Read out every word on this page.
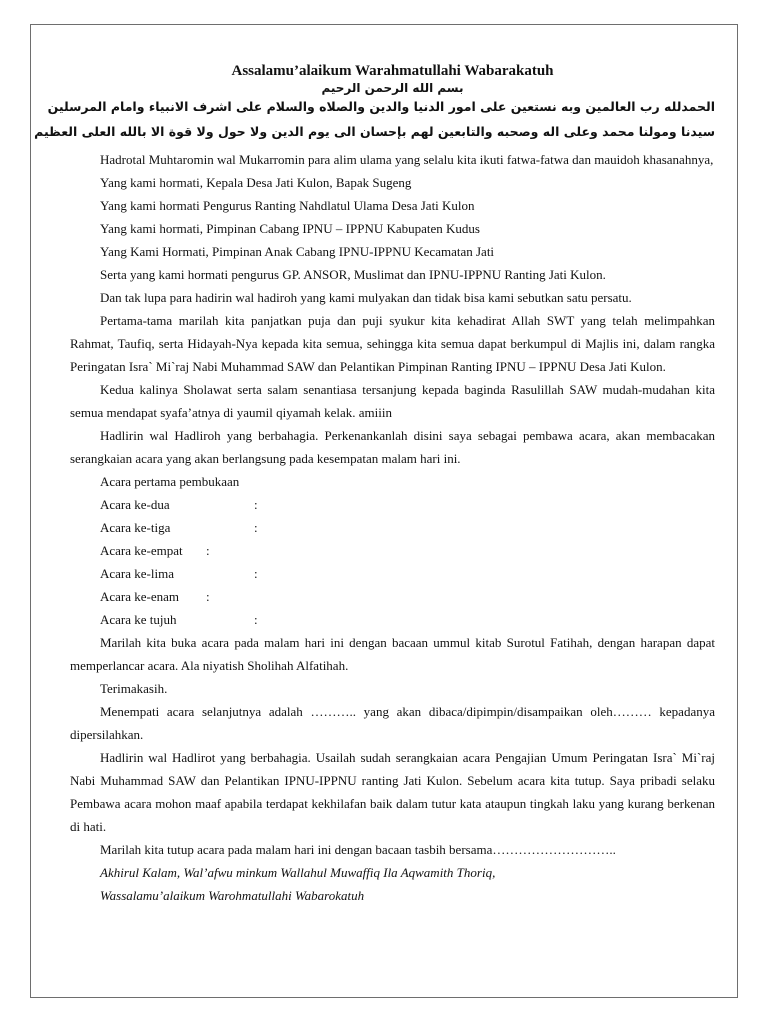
Assalamu’alaikum Warahmatullahi Wabarakatuh

بسم الله الرحمن الرحيم

الحمدلله رب العالمين وبه نستعين على امور الدنيا والدين والصلاه والسلام على اشرف الانبياء وامام المرسلين

سيدنا ومولنا محمد وعلى اله وصحبه والتابعين لهم بإحسان الى يوم الدين ولا حول ولا قوة الا بالله العلى العظيم

Hadrotal Muhtaromin wal Mukarromin para alim ulama yang selalu kita ikuti fatwa-fatwa dan mauidoh khasanahnya,

Yang kami hormati, Kepala Desa Jati Kulon, Bapak Sugeng

Yang kami hormati Pengurus Ranting Nahdlatul Ulama Desa Jati Kulon

Yang kami hormati, Pimpinan Cabang IPNU – IPPNU Kabupaten Kudus

Yang Kami Hormati, Pimpinan Anak Cabang IPNU-IPPNU Kecamatan Jati

Serta yang kami hormati pengurus GP. ANSOR, Muslimat dan IPNU-IPPNU Ranting Jati Kulon.

Dan tak lupa para hadirin wal hadiroh yang kami mulyakan dan tidak bisa kami sebutkan satu persatu.

Pertama-tama marilah kita panjatkan puja dan puji syukur kita kehadirat Allah SWT yang telah melimpahkan Rahmat, Taufiq, serta Hidayah-Nya kepada kita semua, sehingga kita semua dapat berkumpul di Majlis ini, dalam rangka Peringatan Isra` Mi`raj Nabi Muhammad SAW dan Pelantikan Pimpinan Ranting IPNU – IPPNU Desa Jati Kulon.

Kedua kalinya Sholawat serta salam senantiasa tersanjung kepada baginda Rasulillah SAW mudah-mudahan kita semua mendapat syafa’atnya di yaumil qiyamah kelak. amiiin

Hadlirin wal Hadliroh yang berbahagia. Perkenankanlah disini saya sebagai pembawa acara, akan membacakan serangkaian acara yang akan berlangsung pada kesempatan malam hari ini.

Acara pertama pembukaan

Acara ke-dua	:

Acara ke-tiga	:

Acara ke-empat :

Acara ke-lima	:

Acara ke-enam :

Acara ke tujuh	:

Marilah kita buka acara pada malam hari ini dengan bacaan ummul kitab Surotul Fatihah, dengan harapan dapat memperlancar acara. Ala niyatish Sholihah Alfatihah.

Terimakasih.

Menempati acara selanjutnya adalah ……….. yang akan dibaca/dipimpin/disampaikan oleh……… kepadanya dipersilahkan.

Hadlirin wal Hadlirot yang berbahagia. Usailah sudah serangkaian acara Pengajian Umum Peringatan Isra` Mi`raj Nabi Muhammad SAW dan Pelantikan IPNU-IPPNU ranting Jati Kulon. Sebelum acara kita tutup. Saya pribadi selaku Pembawa acara mohon maaf apabila terdapat kekhilafan baik dalam tutur kata ataupun tingkah laku yang kurang berkenan di hati.

Marilah kita tutup acara pada malam hari ini dengan bacaan tasbih bersama………………………..

Akhirul Kalam, Wal’afwu minkum Wallahul Muwaffiq Ila Aqwamith Thoriq,

Wassalamu’alaikum Warohmatullahi Wabarokatuh
